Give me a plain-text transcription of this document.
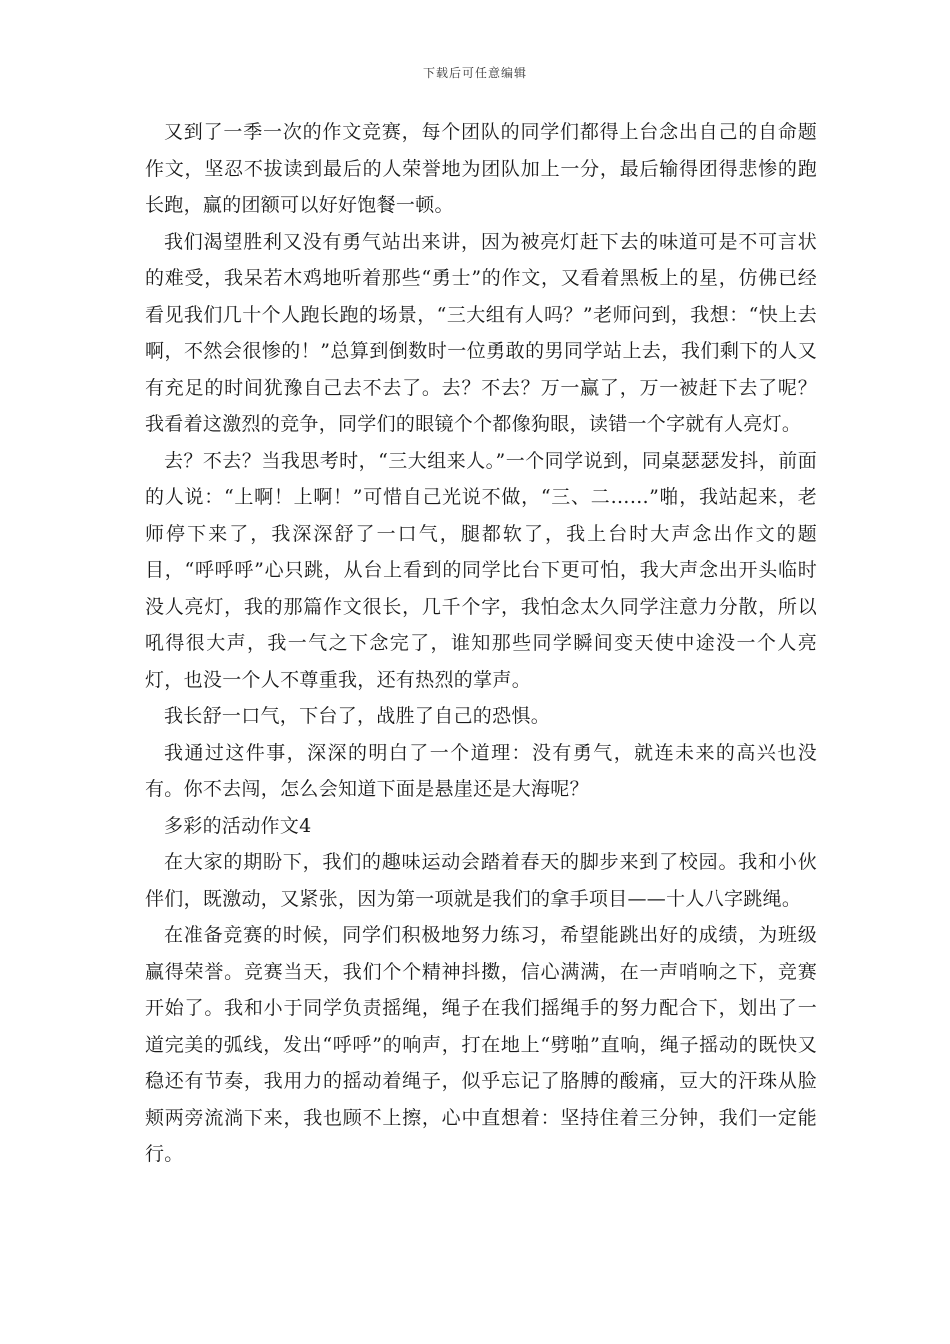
下载后可任意编辑

又到了一季一次的作文竞赛，每个团队的同学们都得上台念出自己的自命题作文，坚忍不拔读到最后的人荣誉地为团队加上一分，最后输得团得悲惨的跑长跑，赢的团额可以好好饱餐一顿。

我们渴望胜利又没有勇气站出来讲，因为被亮灯赶下去的味道可是不可言状的难受，我呆若木鸡地听着那些“勇士”的作文，又看着黑板上的星，仿佛已经看见我们几十个人跑长跑的场景，“三大组有人吗？”老师问到，我想：“快上去啊，不然会很惨的！”总算到倒数时一位勇敢的男同学站上去，我们剩下的人又有充足的时间犹豫自己去不去了。去？不去？万一赢了，万一被赶下去了呢？我看着这激烈的竞争，同学们的眼镜个个都像狗眼，读错一个字就有人亮灯。

去？不去？当我思考时，“三大组来人。”一个同学说到，同桌瑟瑟发抖，前面的人说：“上啊！上啊！”可惜自己光说不做，“三、二……”啪，我站起来，老师停下来了，我深深舒了一口气，腿都软了，我上台时大声念出作文的题目，“呼呼呼”心只跳，从台上看到的同学比台下更可怕，我大声念出开头临时没人亮灯，我的那篇作文很长，几千个字，我怕念太久同学注意力分散，所以吼得很大声，我一气之下念完了，谁知那些同学瞬间变天使中途没一个人亮灯，也没一个人不尊重我，还有热烈的掌声。

我长舒一口气，下台了，战胜了自己的恐惧。

我通过这件事，深深的明白了一个道理：没有勇气，就连未来的高兴也没有。你不去闯，怎么会知道下面是悬崖还是大海呢？

多彩的活动作文4

在大家的期盼下，我们的趣味运动会踏着春天的脚步来到了校园。我和小伙伴们，既激动，又紧张，因为第一项就是我们的拿手项目——十人八字跳绳。

在准备竞赛的时候，同学们积极地努力练习，希望能跳出好的成绩，为班级赢得荣誉。竞赛当天，我们个个精神抖擞，信心满满，在一声哨响之下，竞赛开始了。我和小于同学负责摇绳，绳子在我们摇绳手的努力配合下，划出了一道完美的弧线，发出“呼呼”的响声，打在地上“劈啪”直响，绳子摇动的既快又稳还有节奏，我用力的摇动着绳子，似乎忘记了胳膊的酸痛，豆大的汗珠从脸颊两旁流淌下来，我也顾不上擦，心中直想着：坚持住着三分钟，我们一定能行。
